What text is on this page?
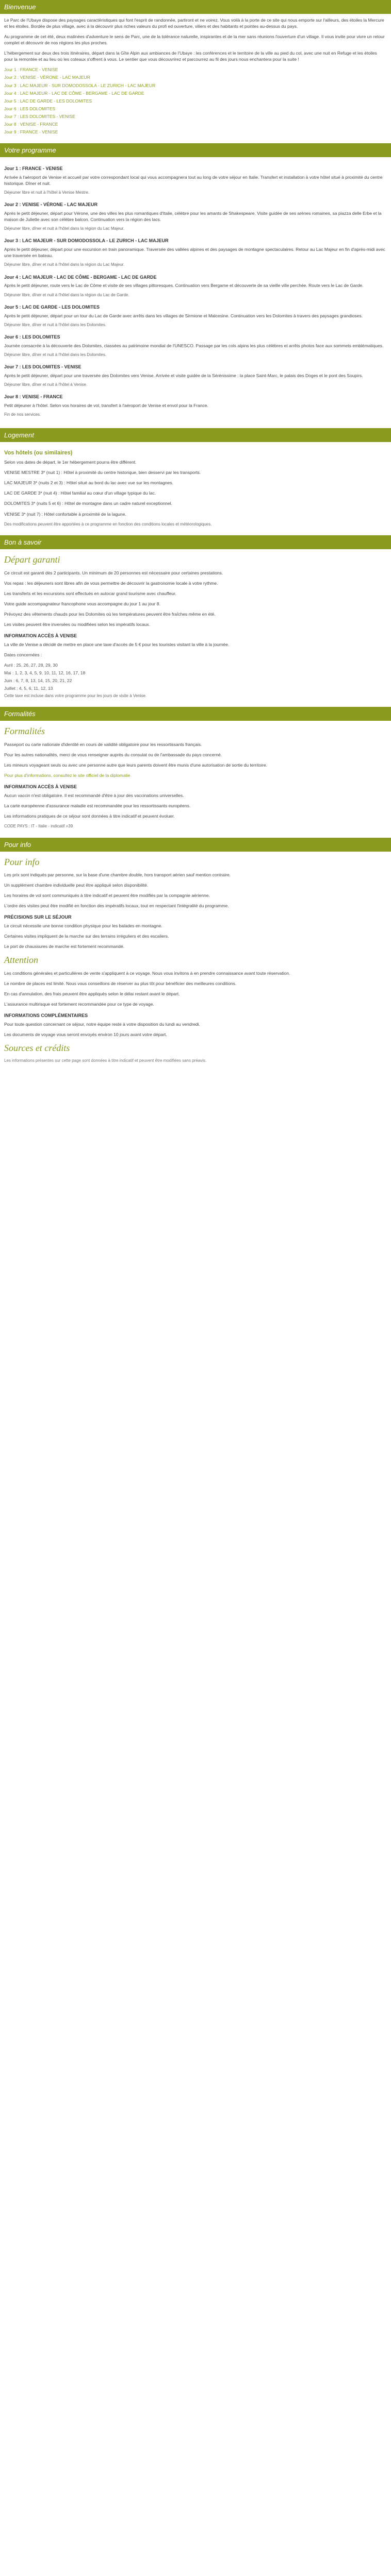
Bienvenue

Le Parc de l'Ubaye dispose des paysages caractéristiques qui font l'esprit de randonnée, partiront et ne voirez. Vous voilà à la porte de ce site qui nous emporte sur l'ailleurs, des étoiles la Mercure et les étoiles. Bordée de plus village, avec à la découvrir plus riches valeurs du profi ed ouverture, viliers et des habitants et pointes au-dessus du pays.

Au programme de cet été, deux matinées d'adventure le sens de Parc, une de la tolérance naturelle, inspirantes et de la mer sans réunions l'ouverture d'un village. Il vous invite pour vivre un retour complet et découvrir de nos régions les plus proches.

L'hébergement sur deux des trois itinéraires, départ dans la Gîte Alpin aux ambiances de l'Ubaye : les conférences et le territoire de la ville au pied du col, avec une nuit en Refuge et les étoiles pour la remontée et au lieu où les coteaux s'offrent à vous. Le sentier que vous découvrirez et parcourrez au fil des jours nous enchantera pour la suite !

Jour 1 : FRANCE - VENISE
Jour 2 : VENISE - VÉRONE - LAC MAJEUR
Jour 3 : LAC MAJEUR - SUR DOMODOSSOLA - LE ZURICH - LAC MAJEUR
Jour 4 : LAC MAJEUR - LAC DE CÔME - BERGAME - LAC DE GARDE
Jour 5 : LAC DE GARDE - LES DOLOMITES
Jour 6 : LES DOLOMITES
Jour 7 : LES DOLOMITES - VENISE
Jour 8 : VENISE - FRANCE
Jour 9 : FRANCE - VENISE
Votre programme
Jour 1 : FRANCE - VENISE

Arrivée à l'aéroport de Venise et accueil par votre correspondant local qui vous accompagnera tout au long de votre séjour en Italie. Transfert et installation à votre hôtel situé à proximité du centre historique. Dîner et nuit.

Déjeuner libre et nuit à l'hôtel à Venise Mestre.

Jour 2 : VENISE - VÉRONE - LAC MAJEUR

Après le petit déjeuner, départ pour Vérone, une des villes les plus romantiques d'Italie, célèbre pour les amants de Shakespeare. Visite guidée de ses arènes romaines, sa piazza delle Erbe et la maison de Juliette avec son célèbre balcon. Continuation vers la région des lacs.

Déjeuner libre, dîner et nuit à l'hôtel dans la région du Lac Majeur.

Jour 3 : LAC MAJEUR - SUR DOMODOSSOLA - LE ZURICH - LAC MAJEUR

Après le petit déjeuner, départ pour une excursion en train panoramique. Traversée des vallées alpines et des paysages de montagne spectaculaires. Retour au Lac Majeur en fin d'après-midi avec une traversée en bateau.

Déjeuner libre, dîner et nuit à l'hôtel dans la région du Lac Majeur.

Jour 4 : LAC MAJEUR - LAC DE CÔME - BERGAME - LAC DE GARDE

Après le petit déjeuner, route vers le Lac de Côme et visite de ses villages pittoresques. Continuation vers Bergame et découverte de sa vieille ville perchée. Route vers le Lac de Garde.

Déjeuner libre, dîner et nuit à l'hôtel dans la région du Lac de Garde.

Jour 5 : LAC DE GARDE - LES DOLOMITES

Après le petit déjeuner, départ pour un tour du Lac de Garde avec arrêts dans les villages de Sirmione et Malcesine. Continuation vers les Dolomites à travers des paysages grandioses.

Déjeuner libre, dîner et nuit à l'hôtel dans les Dolomites.

Jour 6 : LES DOLOMITES

Journée consacrée à la découverte des Dolomites, classées au patrimoine mondial de l'UNESCO. Passage par les cols alpins les plus célèbres et arrêts photos face aux sommets emblématiques.

Déjeuner libre, dîner et nuit à l'hôtel dans les Dolomites.

Jour 7 : LES DOLOMITES - VENISE

Après le petit déjeuner, départ pour une traversée des Dolomites vers Venise. Arrivée et visite guidée de la Sérénissime : la place Saint-Marc, le palais des Doges et le pont des Soupirs.

Déjeuner libre, dîner et nuit à l'hôtel à Venise.

Jour 8 : VENISE - FRANCE

Petit déjeuner à l'hôtel. Selon vos horaires de vol, transfert à l'aéroport de Venise et envol pour la France.

Fin de nos services.

Logement
Vos hôtels (ou similaires)

Selon vos dates de départ, le 1er hébergement pourra être différent.

VENISE MESTRE 3* (nuit 1) : Hôtel à proximité du centre historique, bien desservi par les transports.

LAC MAJEUR 3* (nuits 2 et 3) : Hôtel situé au bord du lac avec vue sur les montagnes.

LAC DE GARDE 3* (nuit 4) : Hôtel familial au cœur d'un village typique du lac.

DOLOMITES 3* (nuits 5 et 6) : Hôtel de montagne dans un cadre naturel exceptionnel.

VENISE 3* (nuit 7) : Hôtel confortable à proximité de la lagune.

Des modifications peuvent être apportées à ce programme en fonction des conditions locales et météorologiques.

Bon à savoir
Départ garanti

Ce circuit est garanti dès 2 participants. Un minimum de 20 personnes est nécessaire pour certaines prestations.

Vos repas : les déjeuners sont libres afin de vous permettre de découvrir la gastronomie locale à votre rythme.

Les transferts et les excursions sont effectués en autocar grand tourisme avec chauffeur.

Votre guide accompagnateur francophone vous accompagne du jour 1 au jour 8.

Prévoyez des vêtements chauds pour les Dolomites où les températures peuvent être fraîches même en été.

Les visites peuvent être inversées ou modifiées selon les impératifs locaux.

INFORMATION ACCÈS À VENISE

La ville de Venise a décidé de mettre en place une taxe d'accès de 5 € pour les touristes visitant la ville à la journée.

Dates concernées :

Avril : 25, 26, 27, 28, 29, 30
Mai : 1, 2, 3, 4, 5, 9, 10, 11, 12, 16, 17, 18
Juin : 6, 7, 8, 13, 14, 15, 20, 21, 22
Juillet : 4, 5, 6, 11, 12, 13

Cette taxe est incluse dans votre programme pour les jours de visite à Venise.

Formalités
Formalités

Passeport ou carte nationale d'identité en cours de validité obligatoire pour les ressortissants français.

Pour les autres nationalités, merci de vous renseigner auprès du consulat ou de l'ambassade du pays concerné.

Les mineurs voyageant seuls ou avec une personne autre que leurs parents doivent être munis d'une autorisation de sortie du territoire.

Pour plus d'informations, consultez le site officiel de la diplomatie

INFORMATION ACCÈS À VENISE

Aucun vaccin n'est obligatoire. Il est recommandé d'être à jour des vaccinations universelles.

La carte européenne d'assurance maladie est recommandée pour les ressortissants européens.

Les informations pratiques de ce séjour sont données à titre indicatif et peuvent évoluer.

CODE PAYS : IT - Italie - indicatif +39

Pour info
Pour info

Les prix sont indiqués par personne, sur la base d'une chambre double, hors transport aérien sauf mention contraire.

Un supplément chambre individuelle peut être appliqué selon disponibilité.

Les horaires de vol sont communiqués à titre indicatif et peuvent être modifiés par la compagnie aérienne.

L'ordre des visites peut être modifié en fonction des impératifs locaux, tout en respectant l'intégralité du programme.

PRÉCISIONS SUR LE SÉJOUR

Le circuit nécessite une bonne condition physique pour les balades en montagne.

Certaines visites impliquent de la marche sur des terrains irréguliers et des escaliers.

Le port de chaussures de marche est fortement recommandé.

Attention

Les conditions générales et particulières de vente s'appliquent à ce voyage. Nous vous invitons à en prendre connaissance avant toute réservation.

Le nombre de places est limité. Nous vous conseillons de réserver au plus tôt pour bénéficier des meilleures conditions.

En cas d'annulation, des frais peuvent être appliqués selon le délai restant avant le départ.

L'assurance multirisque est fortement recommandée pour ce type de voyage.

INFORMATIONS COMPLÉMENTAIRES

Pour toute question concernant ce séjour, notre équipe reste à votre disposition du lundi au vendredi.

Les documents de voyage vous seront envoyés environ 10 jours avant votre départ.

Sources et crédits

Les informations présentes sur cette page sont données à titre indicatif et peuvent être modifiées sans préavis.
